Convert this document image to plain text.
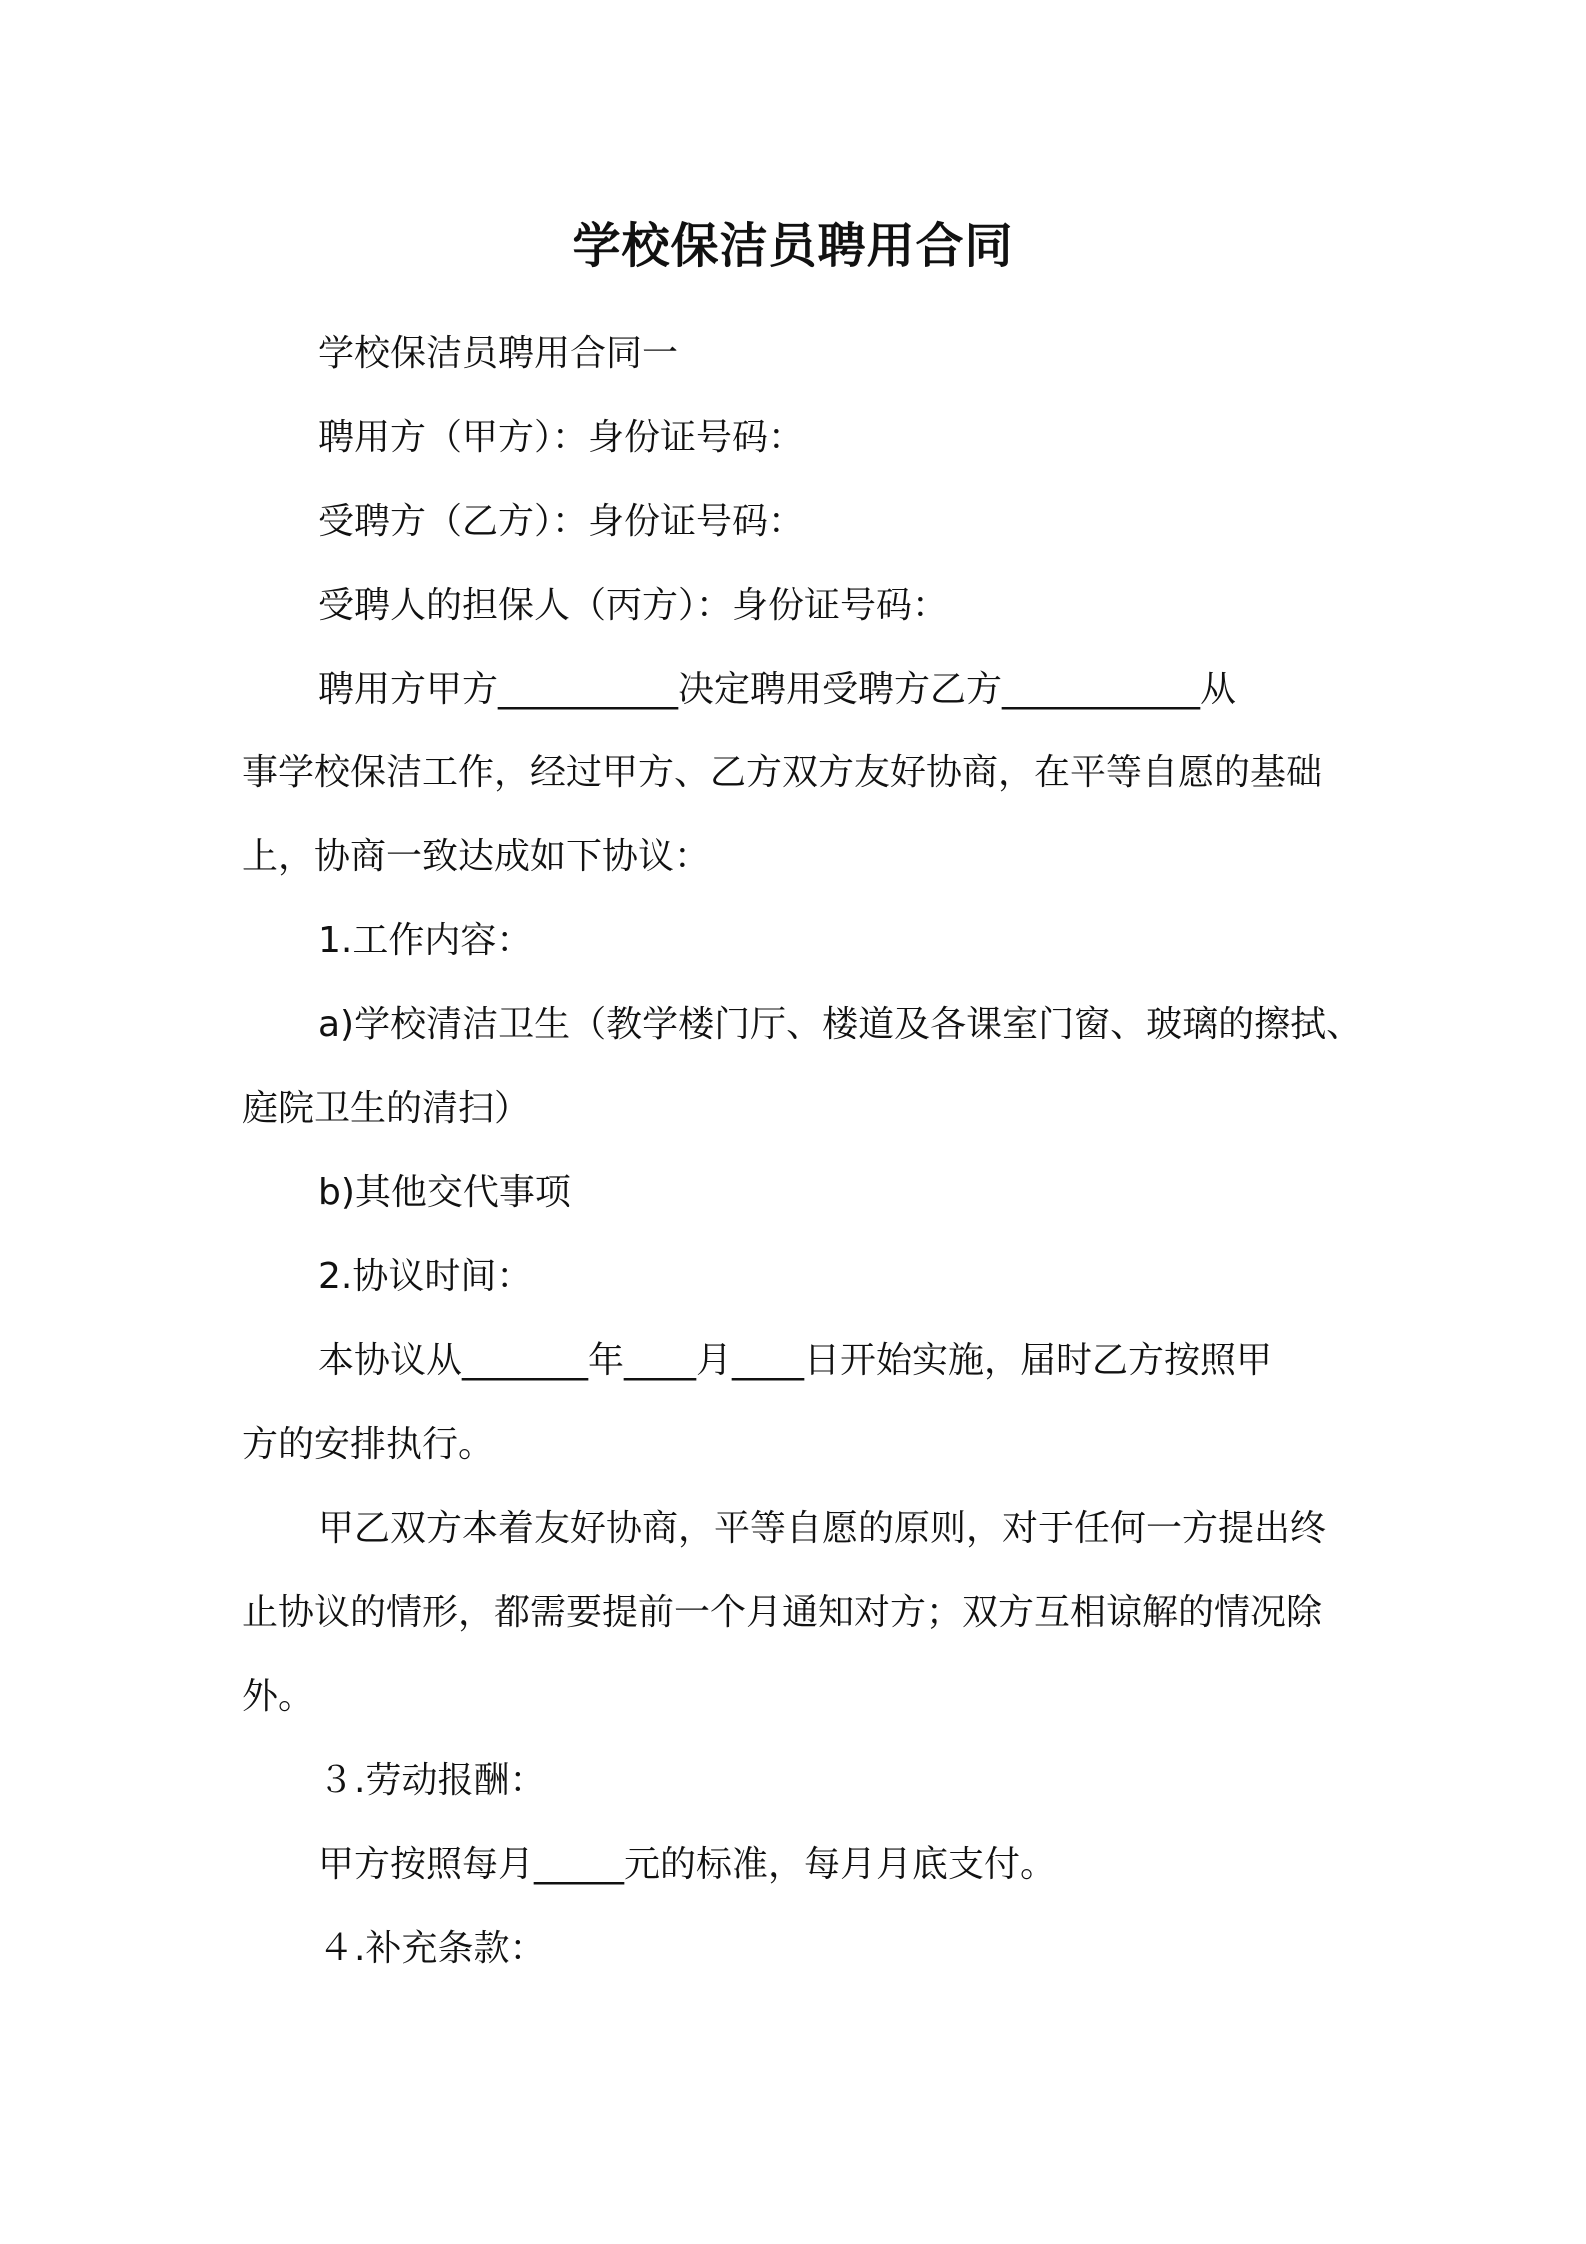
学校保洁员聘用合同
学校保洁员聘用合同一
聘用方（甲方）：身份证号码：
受聘方（乙方）：身份证号码：
受聘人的担保人（丙方）：身份证号码：
聘用方甲方__________决定聘用受聘方乙方___________从
事学校保洁工作，经过甲方、乙方双方友好协商，在平等自愿的基础
上，协商一致达成如下协议：
1.工作内容：
a)学校清洁卫生（教学楼门厅、楼道及各课室门窗、玻璃的擦拭、
庭院卫生的清扫）
b)其他交代事项
2.协议时间：
本协议从_______年____月____日开始实施，届时乙方按照甲
方的安排执行。
甲乙双方本着友好协商，平等自愿的原则，对于任何一方提出终
止协议的情形，都需要提前一个月通知对方；双方互相谅解的情况除
外。
３.劳动报酬：
甲方按照每月_____元的标准，每月月底支付。
４.补充条款：
